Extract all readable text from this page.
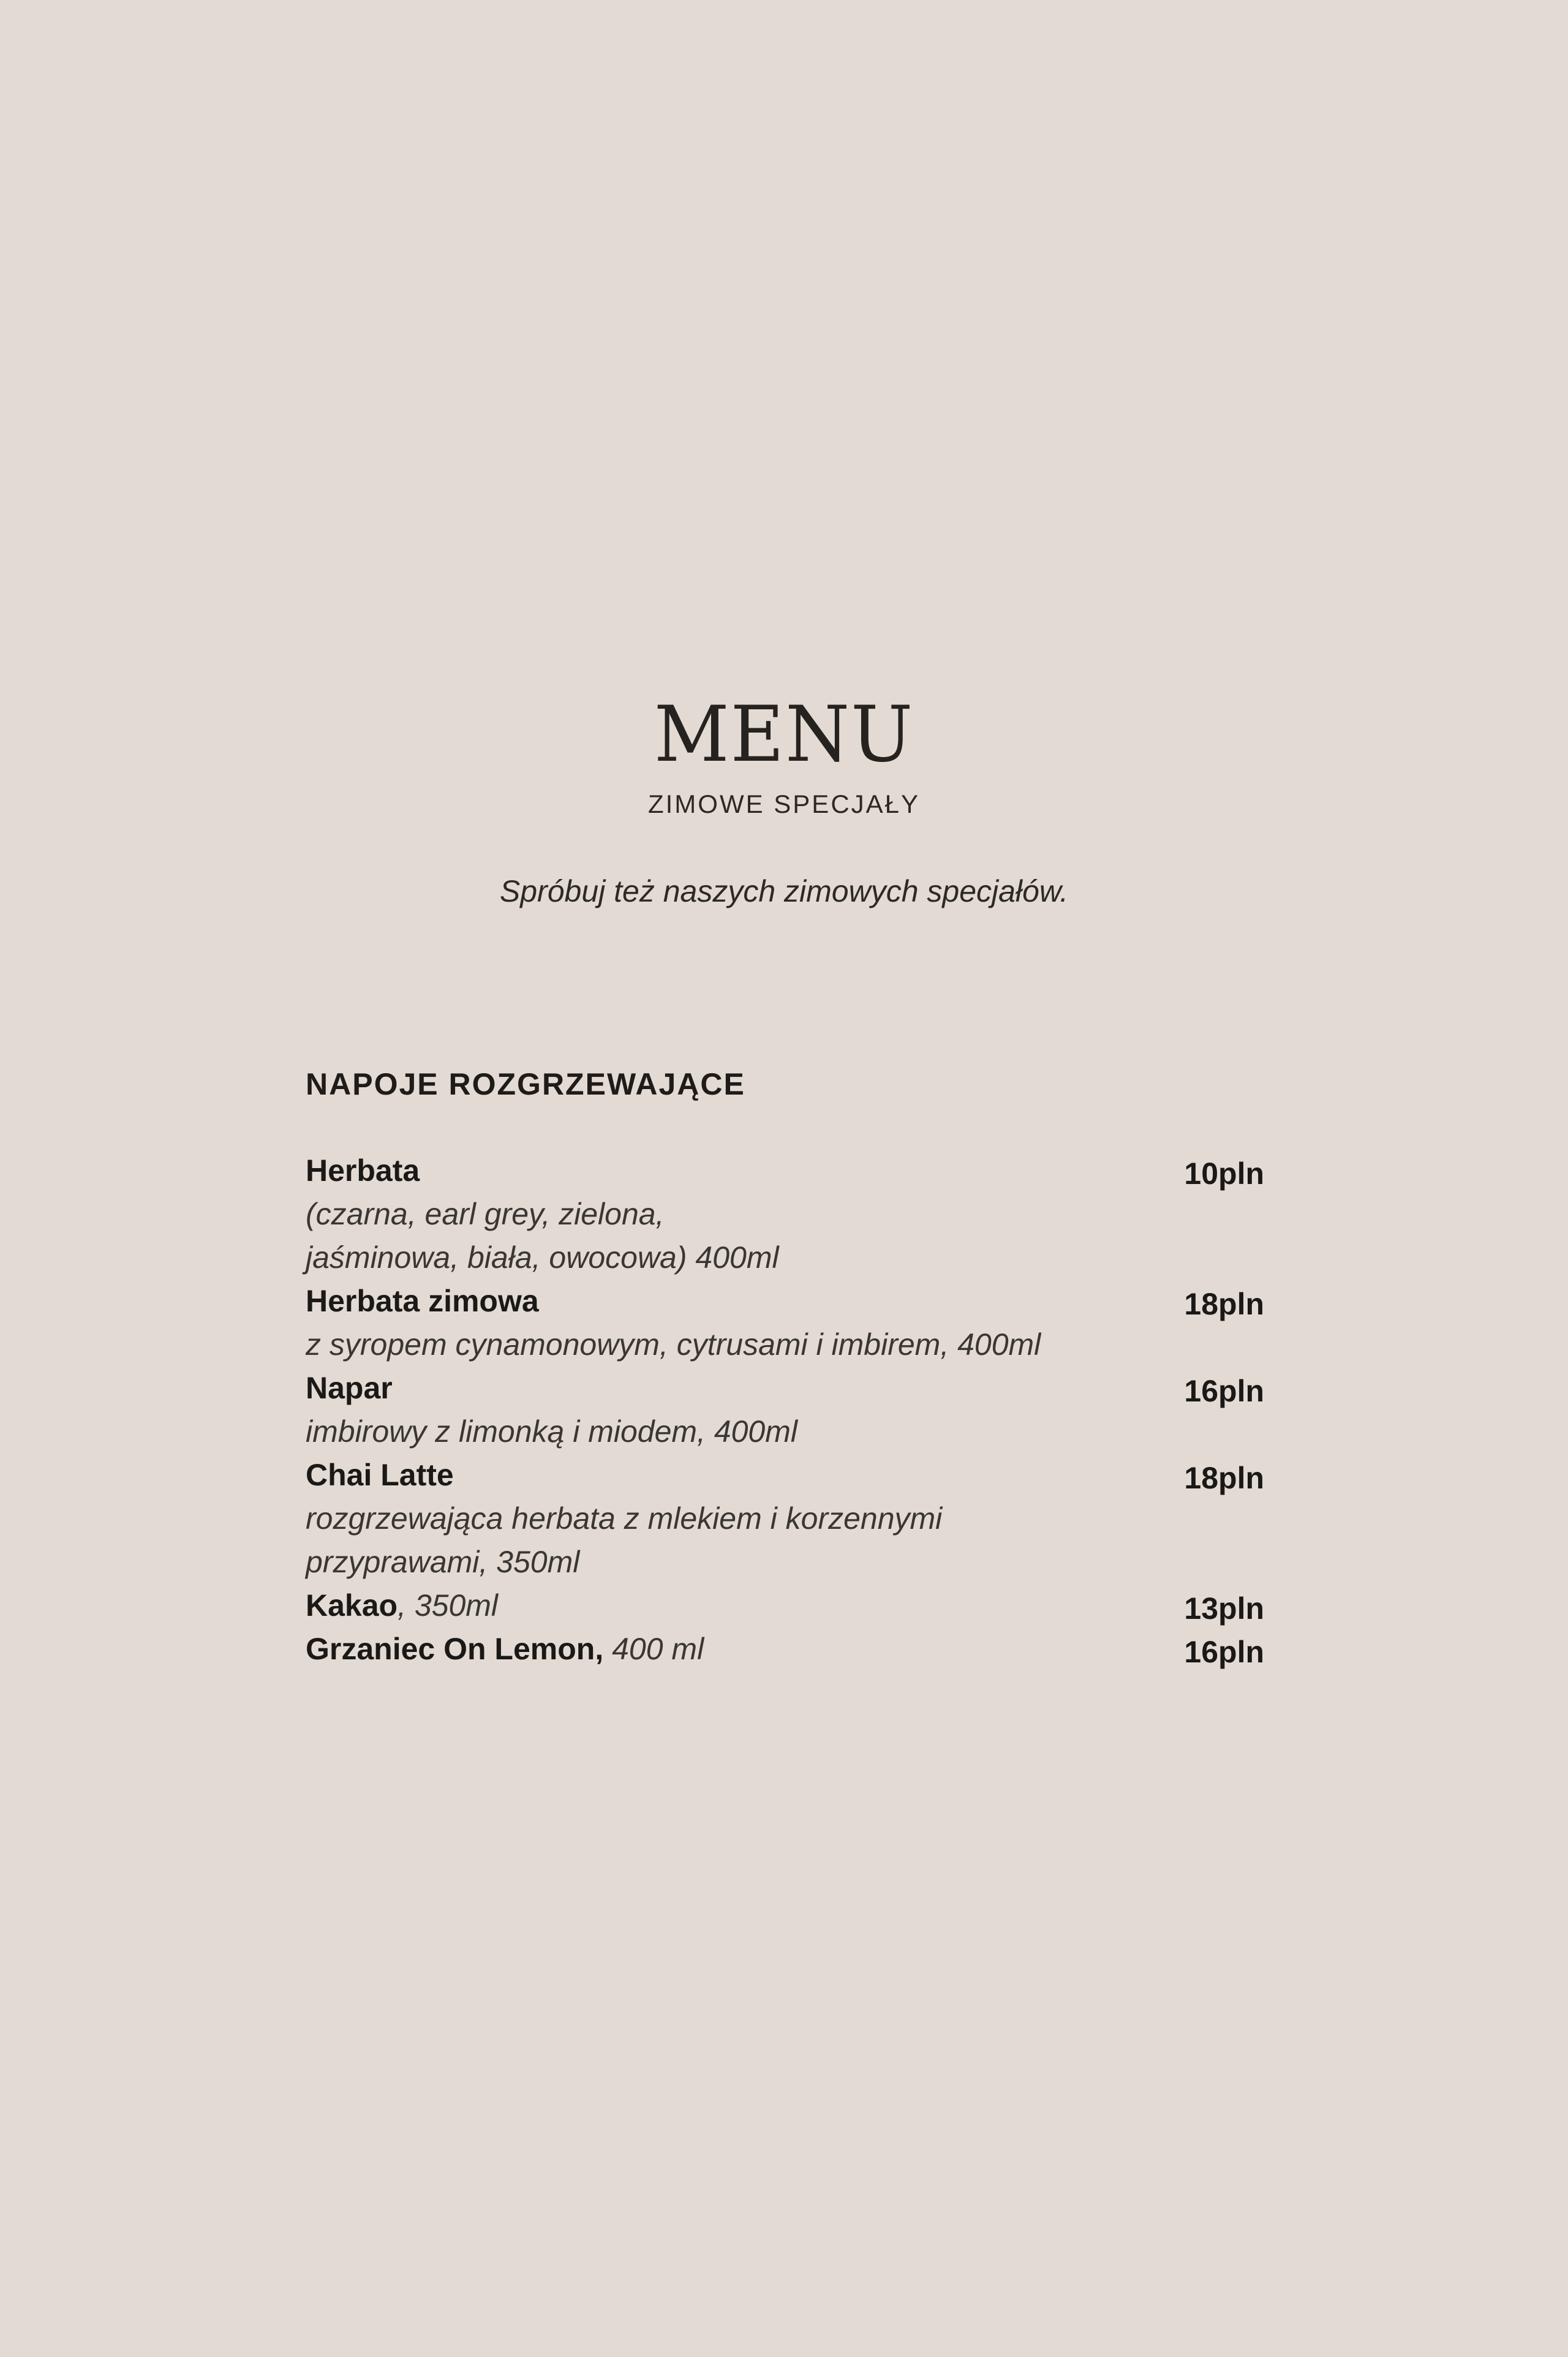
MENU
ZIMOWE SPECJAŁY
Spróbuj też naszych zimowych specjałów.
NAPOJE ROZGRZEWAJĄCE
Herbata
(czarna, earl grey, zielona,
jaśminowa, biała, owocowa) 400ml
10pln
Herbata zimowa
z syropem cynamonowym, cytrusami i imbirem, 400ml
18pln
Napar
imbirowy z limonką i miodem, 400ml
16pln
Chai Latte
rozgrzewająca herbata z mlekiem i korzennymi
przyprawami, 350ml
18pln
Kakao, 350ml	13pln
Grzaniec On Lemon, 400 ml	16pln
